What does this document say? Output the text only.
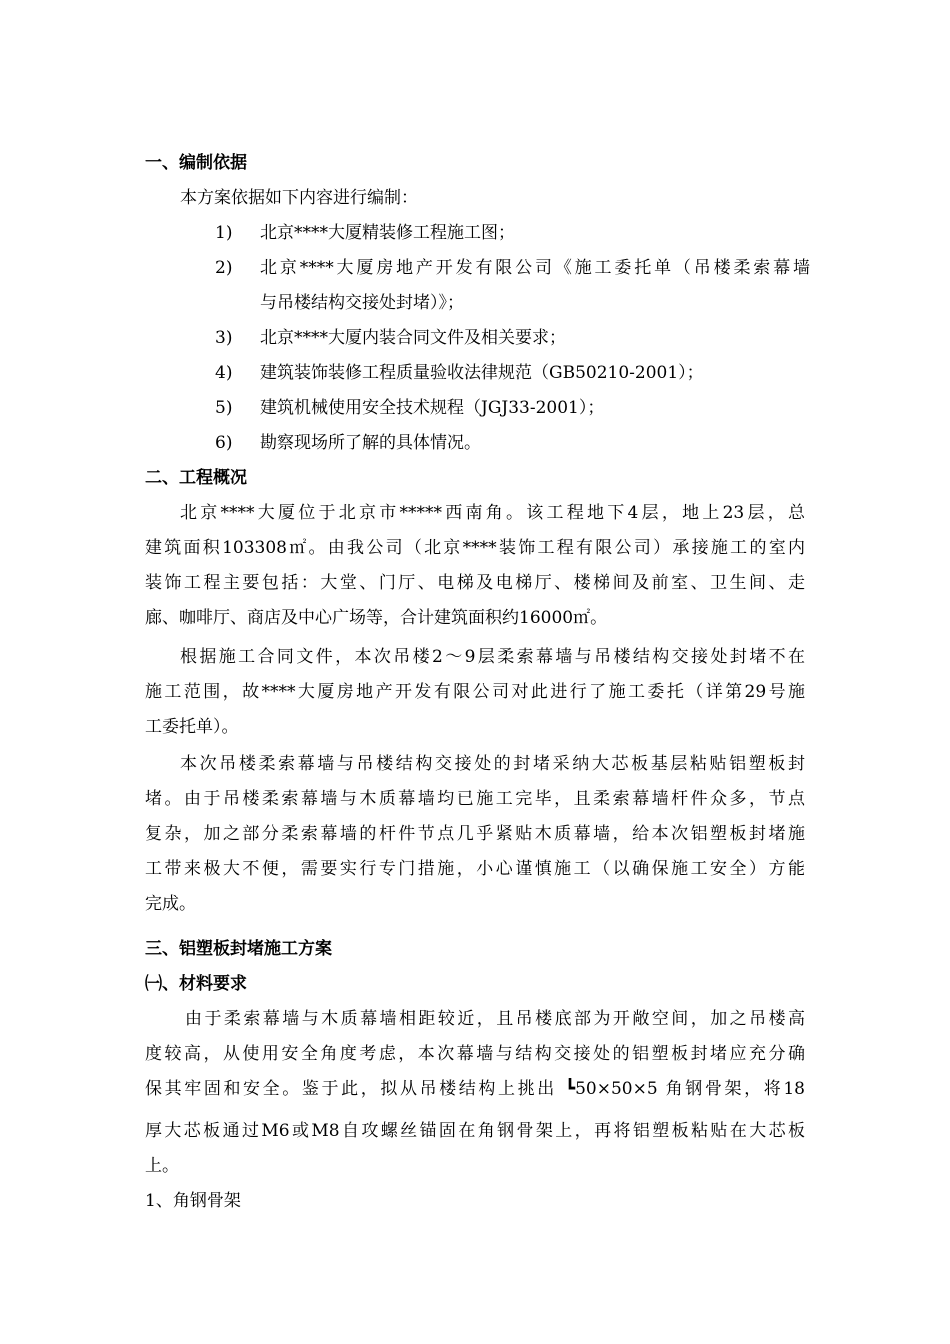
一、编制依据
本方案依据如下内容进行编制：
1) 北京****大厦精装修工程施工图；
2) 北京****大厦房地产开发有限公司《施工委托单（吊楼柔索幕墙
与吊楼结构交接处封堵）》；
3) 北京****大厦内装合同文件及相关要求；
4) 建筑装饰装修工程质量验收法律规范（GB50210-2001）；
5) 建筑机械使用安全技术规程（JGJ33-2001）；
6) 勘察现场所了解的具体情况。
二、工程概况
北京****大厦位于北京市*****西南角。该工程地下4层，地上23层，总
建筑面积103308㎡。由我公司（北京****装饰工程有限公司）承接施工的室内
装饰工程主要包括：大堂、门厅、电梯及电梯厅、楼梯间及前室、卫生间、走
廊、咖啡厅、商店及中心广场等，合计建筑面积约16000㎡。
根据施工合同文件，本次吊楼2～9层柔索幕墙与吊楼结构交接处封堵不在
施工范围，故****大厦房地产开发有限公司对此进行了施工委托（详第29号施
工委托单）。
本次吊楼柔索幕墙与吊楼结构交接处的封堵采纳大芯板基层粘贴铝塑板封
堵。由于吊楼柔索幕墙与木质幕墙均已施工完毕，且柔索幕墙杆件众多，节点
复杂，加之部分柔索幕墙的杆件节点几乎紧贴木质幕墙，给本次铝塑板封堵施
工带来极大不便，需要实行专门措施，小心谨慎施工（以确保施工安全）方能
完成。
三、铝塑板封堵施工方案
㈠、材料要求
由于柔索幕墙与木质幕墙相距较近，且吊楼底部为开敞空间，加之吊楼高
度较高，从使用安全角度考虑，本次幕墙与结构交接处的铝塑板封堵应充分确
保其牢固和安全。鉴于此，拟从吊楼结构上挑出 ┗50×50×5 角钢骨架，将18
厚大芯板通过M6或M8自攻螺丝锚固在角钢骨架上，再将铝塑板粘贴在大芯板
上。
1、角钢骨架
